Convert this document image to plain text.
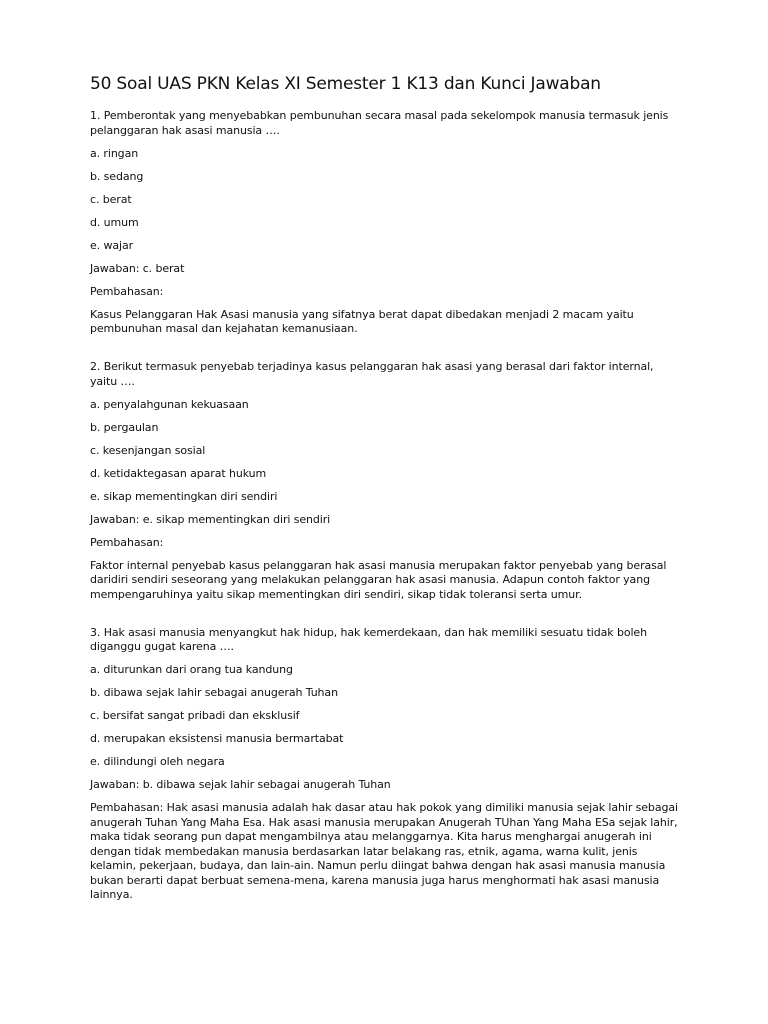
50 Soal UAS PKN Kelas XI Semester 1 K13 dan Kunci Jawaban
1. Pemberontak yang menyebabkan pembunuhan secara masal pada sekelompok manusia termasuk jenis pelanggaran hak asasi manusia ….
a. ringan
b. sedang
c. berat
d. umum
e. wajar
Jawaban: c. berat
Pembahasan:
Kasus Pelanggaran Hak Asasi manusia yang sifatnya berat dapat dibedakan menjadi 2 macam yaitu pembunuhan masal dan kejahatan kemanusiaan.
2. Berikut termasuk penyebab terjadinya kasus pelanggaran hak asasi yang berasal dari faktor internal, yaitu ….
a. penyalahgunan kekuasaan
b. pergaulan
c. kesenjangan sosial
d. ketidaktegasan aparat hukum
e. sikap mementingkan diri sendiri
Jawaban: e. sikap mementingkan diri sendiri
Pembahasan:
Faktor internal penyebab kasus pelanggaran hak asasi manusia merupakan faktor penyebab yang berasal daridiri sendiri seseorang yang melakukan pelanggaran hak asasi manusia. Adapun contoh faktor yang mempengaruhinya yaitu sikap mementingkan diri sendiri, sikap tidak toleransi serta umur.
3. Hak asasi manusia menyangkut hak hidup, hak kemerdekaan, dan hak memiliki sesuatu tidak boleh diganggu gugat karena ….
a. diturunkan dari orang tua kandung
b. dibawa sejak lahir sebagai anugerah Tuhan
c. bersifat sangat pribadi dan eksklusif
d. merupakan eksistensi manusia bermartabat
e. dilindungi oleh negara
Jawaban: b. dibawa sejak lahir sebagai anugerah Tuhan
Pembahasan: Hak asasi manusia adalah hak dasar atau hak pokok yang dimiliki manusia sejak lahir sebagai anugerah Tuhan Yang Maha Esa. Hak asasi manusia merupakan Anugerah TUhan Yang Maha ESa sejak lahir, maka tidak seorang pun dapat mengambilnya atau melanggarnya. Kita harus menghargai anugerah ini dengan tidak membedakan manusia berdasarkan latar belakang ras, etnik, agama, warna kulit, jenis kelamin, pekerjaan, budaya, dan lain-ain. Namun perlu diingat bahwa dengan hak asasi manusia manusia bukan berarti dapat berbuat semena-mena, karena manusia juga harus menghormati hak asasi manusia lainnya.
